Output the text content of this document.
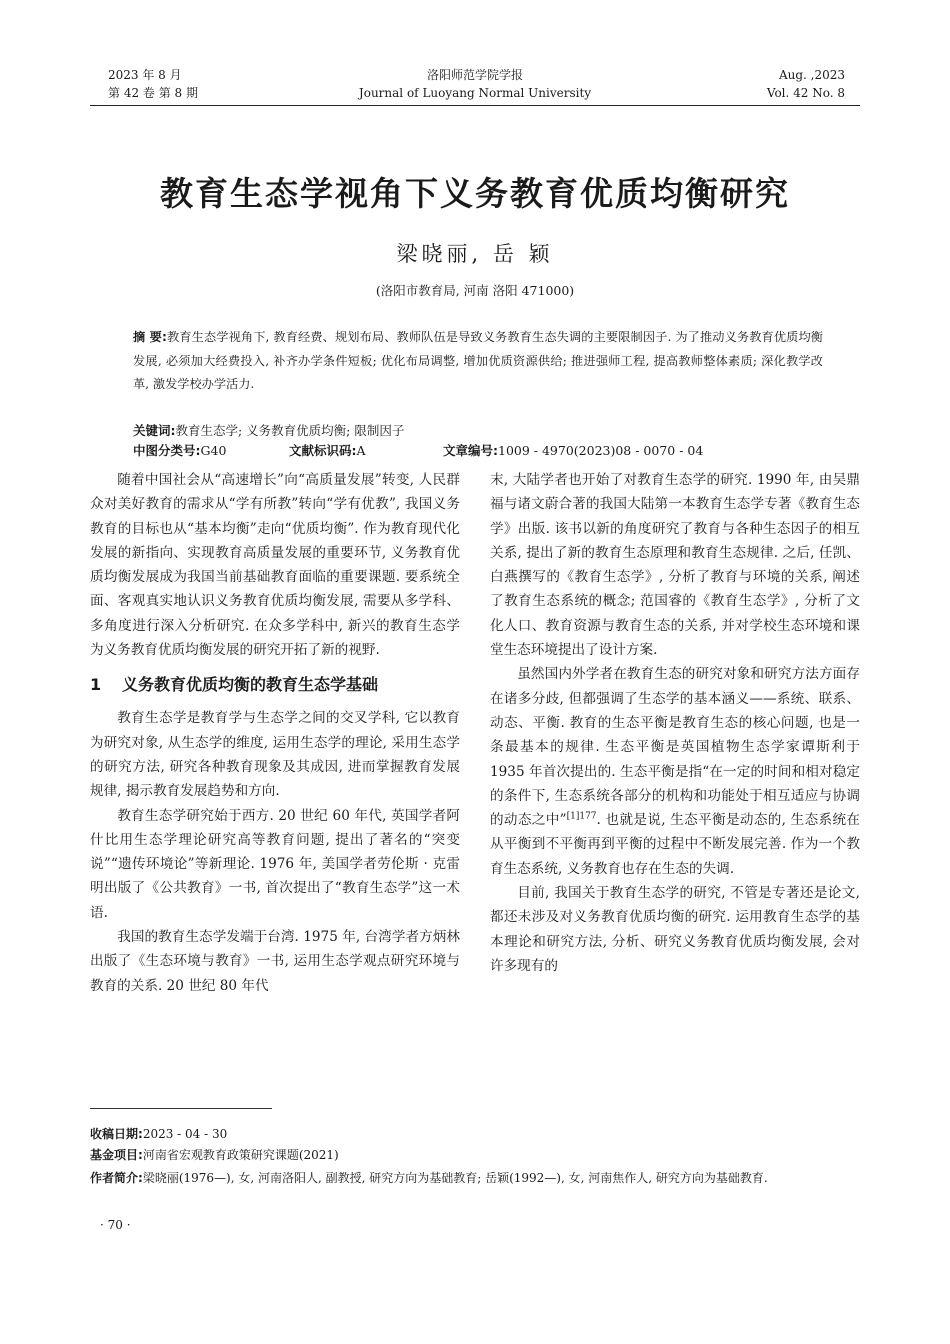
2023 年 8 月
第 42 卷 第 8 期
洛阳师范学院学报
Journal of Luoyang Normal University
Aug. ,2023
Vol. 42 No. 8
教育生态学视角下义务教育优质均衡研究
梁晓丽, 岳 颖
(洛阳市教育局, 河南 洛阳 471000)
摘 要:教育生态学视角下, 教育经费、规划布局、教师队伍是导致义务教育生态失调的主要限制因子. 为了推动义务教育优质均衡发展, 必须加大经费投入, 补齐办学条件短板; 优化布局调整, 增加优质资源供给; 推进强师工程, 提高教师整体素质; 深化教学改革, 激发学校办学活力.
关键词:教育生态学; 义务教育优质均衡; 限制因子
中图分类号:G40	文献标识码:A	文章编号:1009 - 4970(2023)08 - 0070 - 04

随着中国社会从“高速增长”向“高质量发展”转变, 人民群众对美好教育的需求从“学有所教”转向“学有优教”, 我国义务教育的目标也从“基本均衡”走向“优质均衡”. 作为教育现代化发展的新指向、实现教育高质量发展的重要环节, 义务教育优质均衡发展成为我国当前基础教育面临的重要课题. 要系统全面、客观真实地认识义务教育优质均衡发展, 需要从多学科、多角度进行深入分析研究. 在众多学科中, 新兴的教育生态学为义务教育优质均衡发展的研究开拓了新的视野.

1 义务教育优质均衡的教育生态学基础

教育生态学是教育学与生态学之间的交叉学科, 它以教育为研究对象, 从生态学的维度, 运用生态学的理论, 采用生态学的研究方法, 研究各种教育现象及其成因, 进而掌握教育发展规律, 揭示教育发展趋势和方向.

教育生态学研究始于西方. 20 世纪 60 年代, 英国学者阿什比用生态学理论研究高等教育问题, 提出了著名的“突变说”“遗传环境论”等新理论. 1976 年, 美国学者劳伦斯 · 克雷明出版了《公共教育》一书, 首次提出了“教育生态学”这一术语.

我国的教育生态学发端于台湾. 1975 年, 台湾学者方炳林出版了《生态环境与教育》一书, 运用生态学观点研究环境与教育的关系. 20 世纪 80 年代

末, 大陆学者也开始了对教育生态学的研究. 1990 年, 由吴鼎福与诸文蔚合著的我国大陆第一本教育生态学专著《教育生态学》出版. 该书以新的角度研究了教育与各种生态因子的相互关系, 提出了新的教育生态原理和教育生态规律. 之后, 任凯、白燕撰写的《教育生态学》, 分析了教育与环境的关系, 阐述了教育生态系统的概念; 范国睿的《教育生态学》, 分析了文化人口、教育资源与教育生态的关系, 并对学校生态环境和课堂生态环境提出了设计方案.

虽然国内外学者在教育生态的研究对象和研究方法方面存在诸多分歧, 但都强调了生态学的基本涵义——系统、联系、动态、平衡. 教育的生态平衡是教育生态的核心问题, 也是一条最基本的规律. 生态平衡是英国植物生态学家谭斯利于 1935 年首次提出的. 生态平衡是指“在一定的时间和相对稳定的条件下, 生态系统各部分的机构和功能处于相互适应与协调的动态之中”$^{[1]177}$. 也就是说, 生态平衡是动态的, 生态系统在从平衡到不平衡再到平衡的过程中不断发展完善. 作为一个教育生态系统, 义务教育也存在生态的失调.

目前, 我国关于教育生态学的研究, 不管是专著还是论文, 都还未涉及对义务教育优质均衡的研究. 运用教育生态学的基本理论和研究方法, 分析、研究义务教育优质均衡发展, 会对许多现有的

收稿日期:2023 - 04 - 30
基金项目:河南省宏观教育政策研究课题(2021)
作者简介:梁晓丽(1976—), 女, 河南洛阳人, 副教授, 研究方向为基础教育; 岳颖(1992—), 女, 河南焦作人, 研究方向为基础教育.
· 70 ·
